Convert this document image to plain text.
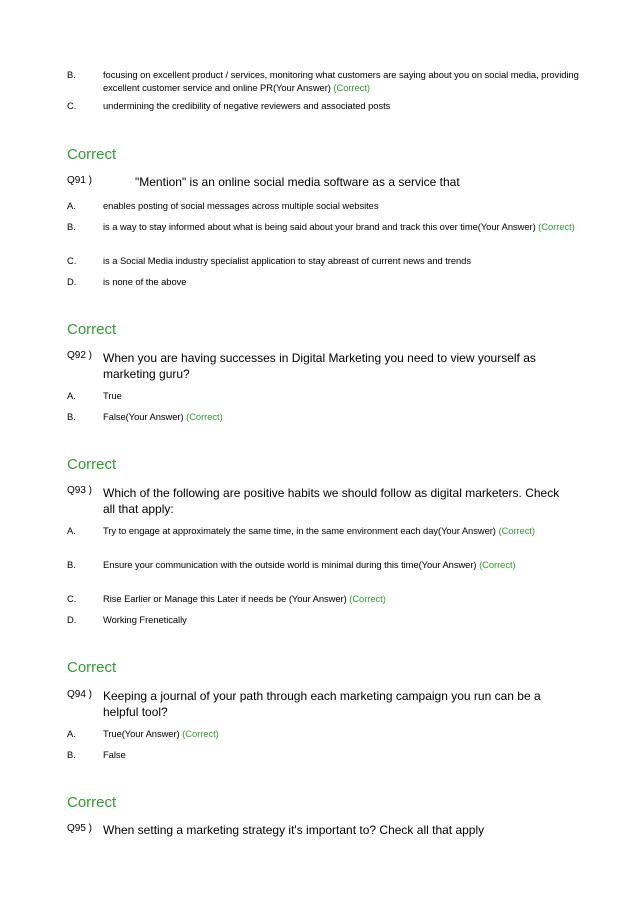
B.	focusing on excellent product / services, monitoring what customers are saying about you on social media, providing excellent customer service and online PR(Your Answer) (Correct)
C.	undermining the credibility of negative reviewers and associated posts
Correct
Q91 )	"Mention" is an online social media software as a service that
A.	enables posting of social messages across multiple social websites
B.	is a way to stay informed about what is being said about your brand and track this over time(Your Answer) (Correct)
C.	is a Social Media industry specialist application to stay abreast of current news and trends
D.	is none of the above
Correct
Q92 ) When you are having successes in Digital Marketing you need to view yourself as marketing guru?
A.	True
B.	False(Your Answer) (Correct)
Correct
Q93 ) Which of the following are positive habits we should follow as digital marketers. Check all that apply:
A.	Try to engage at approximately the same time, in the same environment each day(Your Answer) (Correct)
B.	Ensure your communication with the outside world is minimal during this time(Your Answer) (Correct)
C.	Rise Earlier or Manage this Later if needs be (Your Answer) (Correct)
D.	Working Frenetically
Correct
Q94 ) Keeping a journal of your path through each marketing campaign you run can be a helpful tool?
A.	True(Your Answer) (Correct)
B.	False
Correct
Q95 ) When setting a marketing strategy it's important to? Check all that apply
